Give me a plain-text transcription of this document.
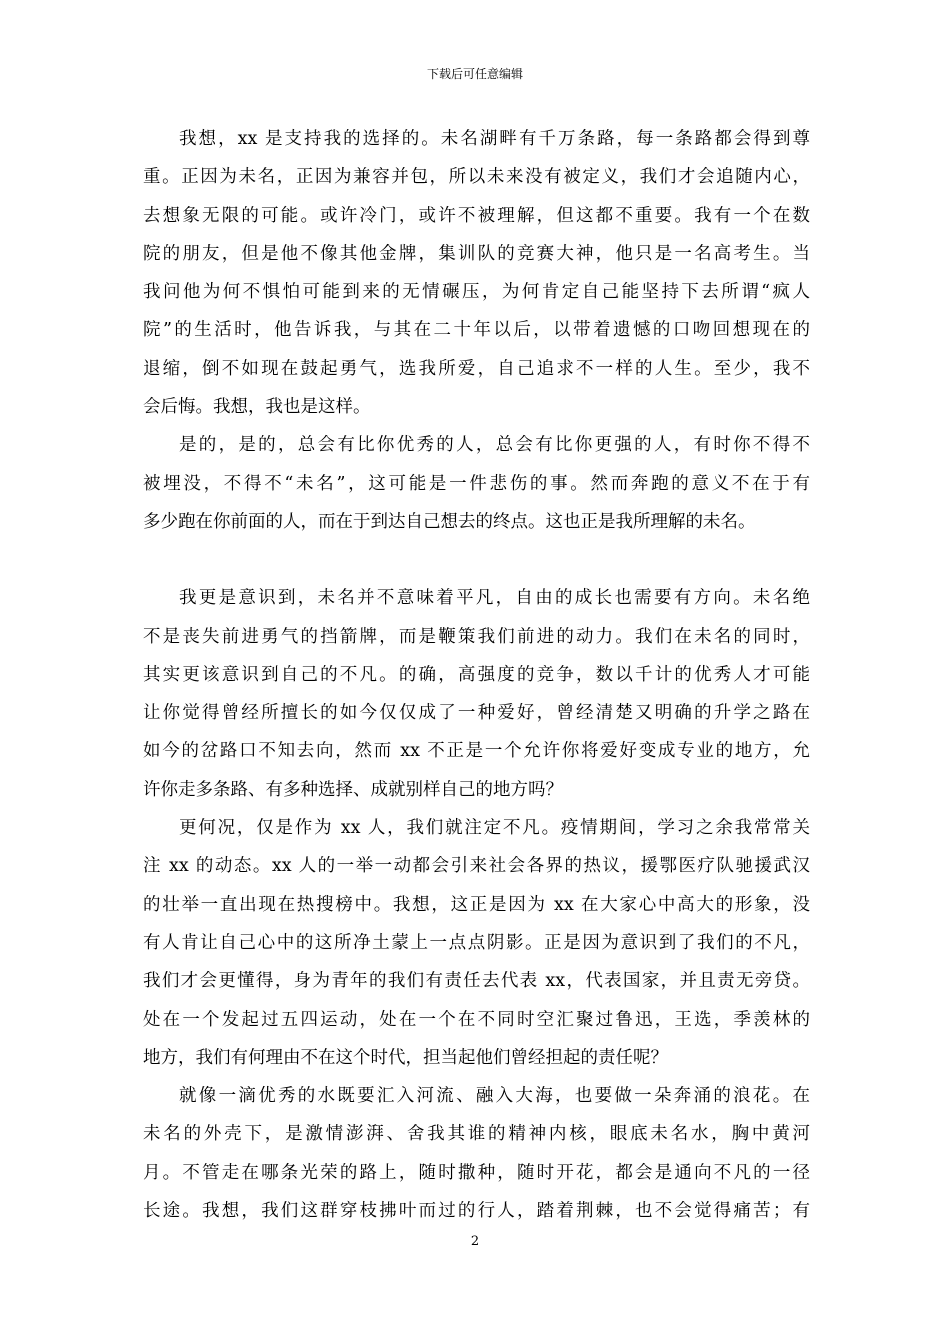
下载后可任意编辑
我想，xx 是支持我的选择的。未名湖畔有千万条路，每一条路都会得到尊
重。正因为未名，正因为兼容并包，所以未来没有被定义，我们才会追随内心，
去想象无限的可能。或许冷门，或许不被理解，但这都不重要。我有一个在数
院的朋友，但是他不像其他金牌，集训队的竞赛大神，他只是一名高考生。当
我问他为何不惧怕可能到来的无情碾压，为何肯定自己能坚持下去所谓“疯人
院”的生活时，他告诉我，与其在二十年以后，以带着遗憾的口吻回想现在的
退缩，倒不如现在鼓起勇气，选我所爱，自己追求不一样的人生。至少，我不
会后悔。我想，我也是这样。
是的，是的，总会有比你优秀的人，总会有比你更强的人，有时你不得不
被埋没，不得不“未名”，这可能是一件悲伤的事。然而奔跑的意义不在于有
多少跑在你前面的人，而在于到达自己想去的终点。这也正是我所理解的未名。
我更是意识到，未名并不意味着平凡，自由的成长也需要有方向。未名绝
不是丧失前进勇气的挡箭牌，而是鞭策我们前进的动力。我们在未名的同时，
其实更该意识到自己的不凡。的确，高强度的竞争，数以千计的优秀人才可能
让你觉得曾经所擅长的如今仅仅成了一种爱好，曾经清楚又明确的升学之路在
如今的岔路口不知去向，然而 xx 不正是一个允许你将爱好变成专业的地方，允
许你走多条路、有多种选择、成就别样自己的地方吗？
更何况，仅是作为 xx 人，我们就注定不凡。疫情期间，学习之余我常常关
注 xx 的动态。xx 人的一举一动都会引来社会各界的热议，援鄂医疗队驰援武汉
的壮举一直出现在热搜榜中。我想，这正是因为 xx 在大家心中高大的形象，没
有人肯让自己心中的这所净土蒙上一点点阴影。正是因为意识到了我们的不凡，
我们才会更懂得，身为青年的我们有责任去代表 xx，代表国家，并且责无旁贷。
处在一个发起过五四运动，处在一个在不同时空汇聚过鲁迅，王选，季羡林的
地方，我们有何理由不在这个时代，担当起他们曾经担起的责任呢？
就像一滴优秀的水既要汇入河流、融入大海，也要做一朵奔涌的浪花。在
未名的外壳下，是激情澎湃、舍我其谁的精神内核，眼底未名水，胸中黄河
月。不管走在哪条光荣的路上，随时撒种，随时开花，都会是通向不凡的一径
长途。我想，我们这群穿枝拂叶而过的行人，踏着荆棘，也不会觉得痛苦；有
2
